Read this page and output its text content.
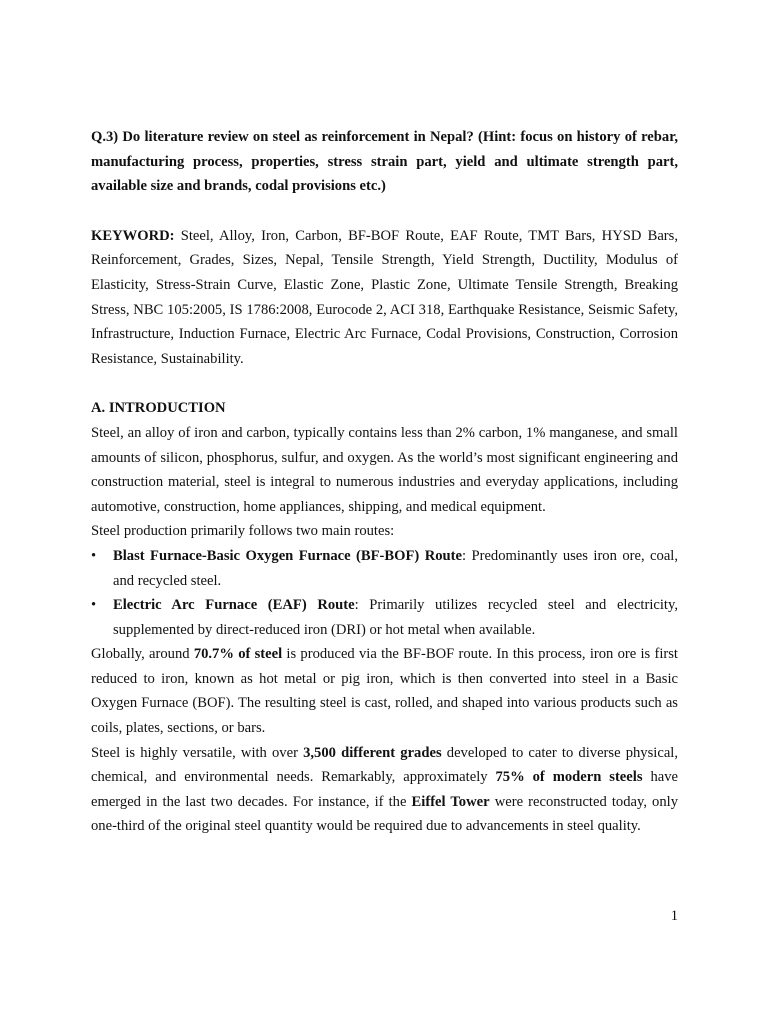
Q.3) Do literature review on steel as reinforcement in Nepal? (Hint: focus on history of rebar, manufacturing process, properties, stress strain part, yield and ultimate strength part, available size and brands, codal provisions etc.)

KEYWORD: Steel, Alloy, Iron, Carbon, BF-BOF Route, EAF Route, TMT Bars, HYSD Bars, Reinforcement, Grades, Sizes, Nepal, Tensile Strength, Yield Strength, Ductility, Modulus of Elasticity, Stress-Strain Curve, Elastic Zone, Plastic Zone, Ultimate Tensile Strength, Breaking Stress, NBC 105:2005, IS 1786:2008, Eurocode 2, ACI 318, Earthquake Resistance, Seismic Safety, Infrastructure, Induction Furnace, Electric Arc Furnace, Codal Provisions, Construction, Corrosion Resistance, Sustainability.

A. INTRODUCTION

Steel, an alloy of iron and carbon, typically contains less than 2% carbon, 1% manganese, and small amounts of silicon, phosphorus, sulfur, and oxygen. As the world’s most significant engineering and construction material, steel is integral to numerous industries and everyday applications, including automotive, construction, home appliances, shipping, and medical equipment.

Steel production primarily follows two main routes:

• Blast Furnace-Basic Oxygen Furnace (BF-BOF) Route: Predominantly uses iron ore, coal, and recycled steel.
• Electric Arc Furnace (EAF) Route: Primarily utilizes recycled steel and electricity, supplemented by direct-reduced iron (DRI) or hot metal when available.

Globally, around 70.7% of steel is produced via the BF-BOF route. In this process, iron ore is first reduced to iron, known as hot metal or pig iron, which is then converted into steel in a Basic Oxygen Furnace (BOF). The resulting steel is cast, rolled, and shaped into various products such as coils, plates, sections, or bars.

Steel is highly versatile, with over 3,500 different grades developed to cater to diverse physical, chemical, and environmental needs. Remarkably, approximately 75% of modern steels have emerged in the last two decades. For instance, if the Eiffel Tower were reconstructed today, only one-third of the original steel quantity would be required due to advancements in steel quality.

1
